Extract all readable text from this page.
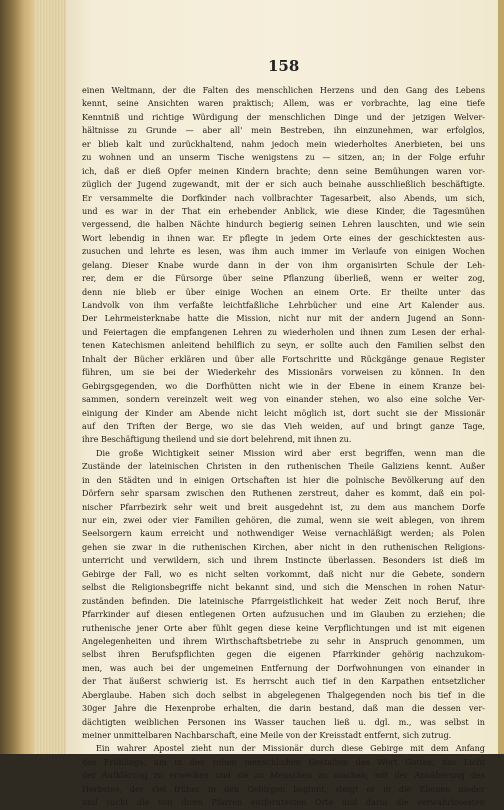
158
einen Weltmann, der die Falten des menschlichen Herzens und den Gang des Lebens
kennt, seine Ansichten waren praktisch; Allem, was er vorbrachte, lag eine tiefe
Kenntniß und richtige Würdigung der menschlichen Dinge und der jetzigen Welver-
hältnisse zu Grunde — aber all' mein Bestreben, ihn einzunehmen, war erfolglos,
er blieb kalt und zurückhaltend, nahm jedoch mein wiederholtes Anerbieten, bei uns
zu wohnen und an unserm Tische wenigstens zu — sitzen, an; in der Folge erfuhr
ich, daß er dieß Opfer meinen Kindern brachte; denn seine Bemühungen waren vor-
züglich der Jugend zugewandt, mit der er sich auch beinahe ausschließlich beschäftigte.
Er versammelte die Dorfkinder nach vollbrachter Tagesarbeit, also Abends, um sich,
und es war in der That ein erhebender Anblick, wie diese Kinder, die Tagesmühen
vergessend, die halben Nächte hindurch begierig seinen Lehren lauschten, und wie sein
Wort lebendig in ihnen war. Er pflegte in jedem Orte eines der geschicktesten aus-
zusuchen und lehrte es lesen, was ihm auch immer im Verlaufe von einigen Wochen
gelang. Dieser Knabe wurde dann in der von ihm organisirten Schule der Leh-
rer, dem er die Fürsorge über seine Pflanzung überließ, wenn er weiter zog,
denn nie blieb er über einige Wochen an einem Orte. Er theilte unter das
Landvolk von ihm verfaßte leichtfaßliche Lehrbücher und eine Art Kalender aus.
Der Lehrmeisterknabe hatte die Mission, nicht nur mit der andern Jugend an Sonn-
und Feiertagen die empfangenen Lehren zu wiederholen und ihnen zum Lesen der erhal-
tenen Katechismen anleitend behilflich zu seyn, er sollte auch den Familien selbst den
Inhalt der Bücher erklären und über alle Fortschritte und Rückgänge genaue Register
führen, um sie bei der Wiederkehr des Missionärs vorweisen zu können. In den
Gebirgsgegenden, wo die Dorfhütten nicht wie in der Ebene in einem Kranze bei-
sammen, sondern vereinzelt weit weg von einander stehen, wo also eine solche Ver-
einigung der Kinder am Abende nicht leicht möglich ist, dort sucht sie der Missionär
auf den Triften der Berge, wo sie das Vieh weiden, auf und bringt ganze Tage,
ihre Beschäftigung theilend und sie dort belehrend, mit ihnen zu.
Die große Wichtigkeit seiner Mission wird aber erst begriffen, wenn man die
Zustände der lateinischen Christen in den ruthenischen Theile Galiziens kennt. Außer
in den Städten und in einigen Ortschaften ist hier die polnische Bevölkerung auf den
Dörfern sehr sparsam zwischen den Ruthenen zerstreut, daher es kommt, daß ein pol-
nischer Pfarrbezirk sehr weit und breit ausgedehnt ist, zu dem aus manchem Dorfe
nur ein, zwei oder vier Familien gehören, die zumal, wenn sie weit ablegen, von ihrem
Seelsorgern kaum erreicht und nothwendiger Weise vernachläßigt werden; als Polen
gehen sie zwar in die ruthenischen Kirchen, aber nicht in den ruthenischen Religions-
unterricht und verwildern, sich und ihrem Instincte überlassen. Besonders ist dieß im
Gebirge der Fall, wo es nicht selten vorkommt, daß nicht nur die Gebete, sondern
selbst die Religionsbegriffe nicht bekannt sind, und sich die Menschen in rohen Natur-
zuständen befinden. Die lateinische Pfarrgeistlichkeit hat weder Zeit noch Beruf, ihre
Pfarrkinder auf diesen entlegenen Orten aufzusuchen und im Glauben zu erziehen; die
ruthenische jener Orte aber fühlt gegen diese keine Verpflichtungen und ist mit eigenen
Angelegenheiten und ihrem Wirthschaftsbetriebe zu sehr in Anspruch genommen, um
selbst ihren Berufspflichten gegen die eigenen Pfarrkinder gehörig nachzukom-
men, was auch bei der ungemeinen Entfernung der Dorfwohnungen von einander in
der That äußerst schwierig ist. Es herrscht auch tief in den Karpathen entsetzlicher
Aberglaube. Haben sich doch selbst in abgelegenen Thalgegenden noch bis tief in die
30ger Jahre die Hexenprobe erhalten, die darin bestand, daß man die dessen ver-
dächtigten weiblichen Personen ins Wasser tauchen ließ u. dgl. m., was selbst in
meiner unmittelbaren Nachbarschaft, eine Meile von der Kreisstadt entfernt, sich zutrug.
Ein wahrer Apostel zieht nun der Missionär durch diese Gebirge mit dem Anfang
des Frühlings, um in den rohen menschlichen Gestalten das Wort Gottes, das Licht
der Aufklärung zu erwecken und sie zu Menschen zu machen; mit der Annäherung des
Herbstes, der viel früher in den Gebirgen beginnt, steigt er in die Ebenen nieder
und sucht die von ihren Pfarren entferntesten Orte und darin die verwahrlosesten
